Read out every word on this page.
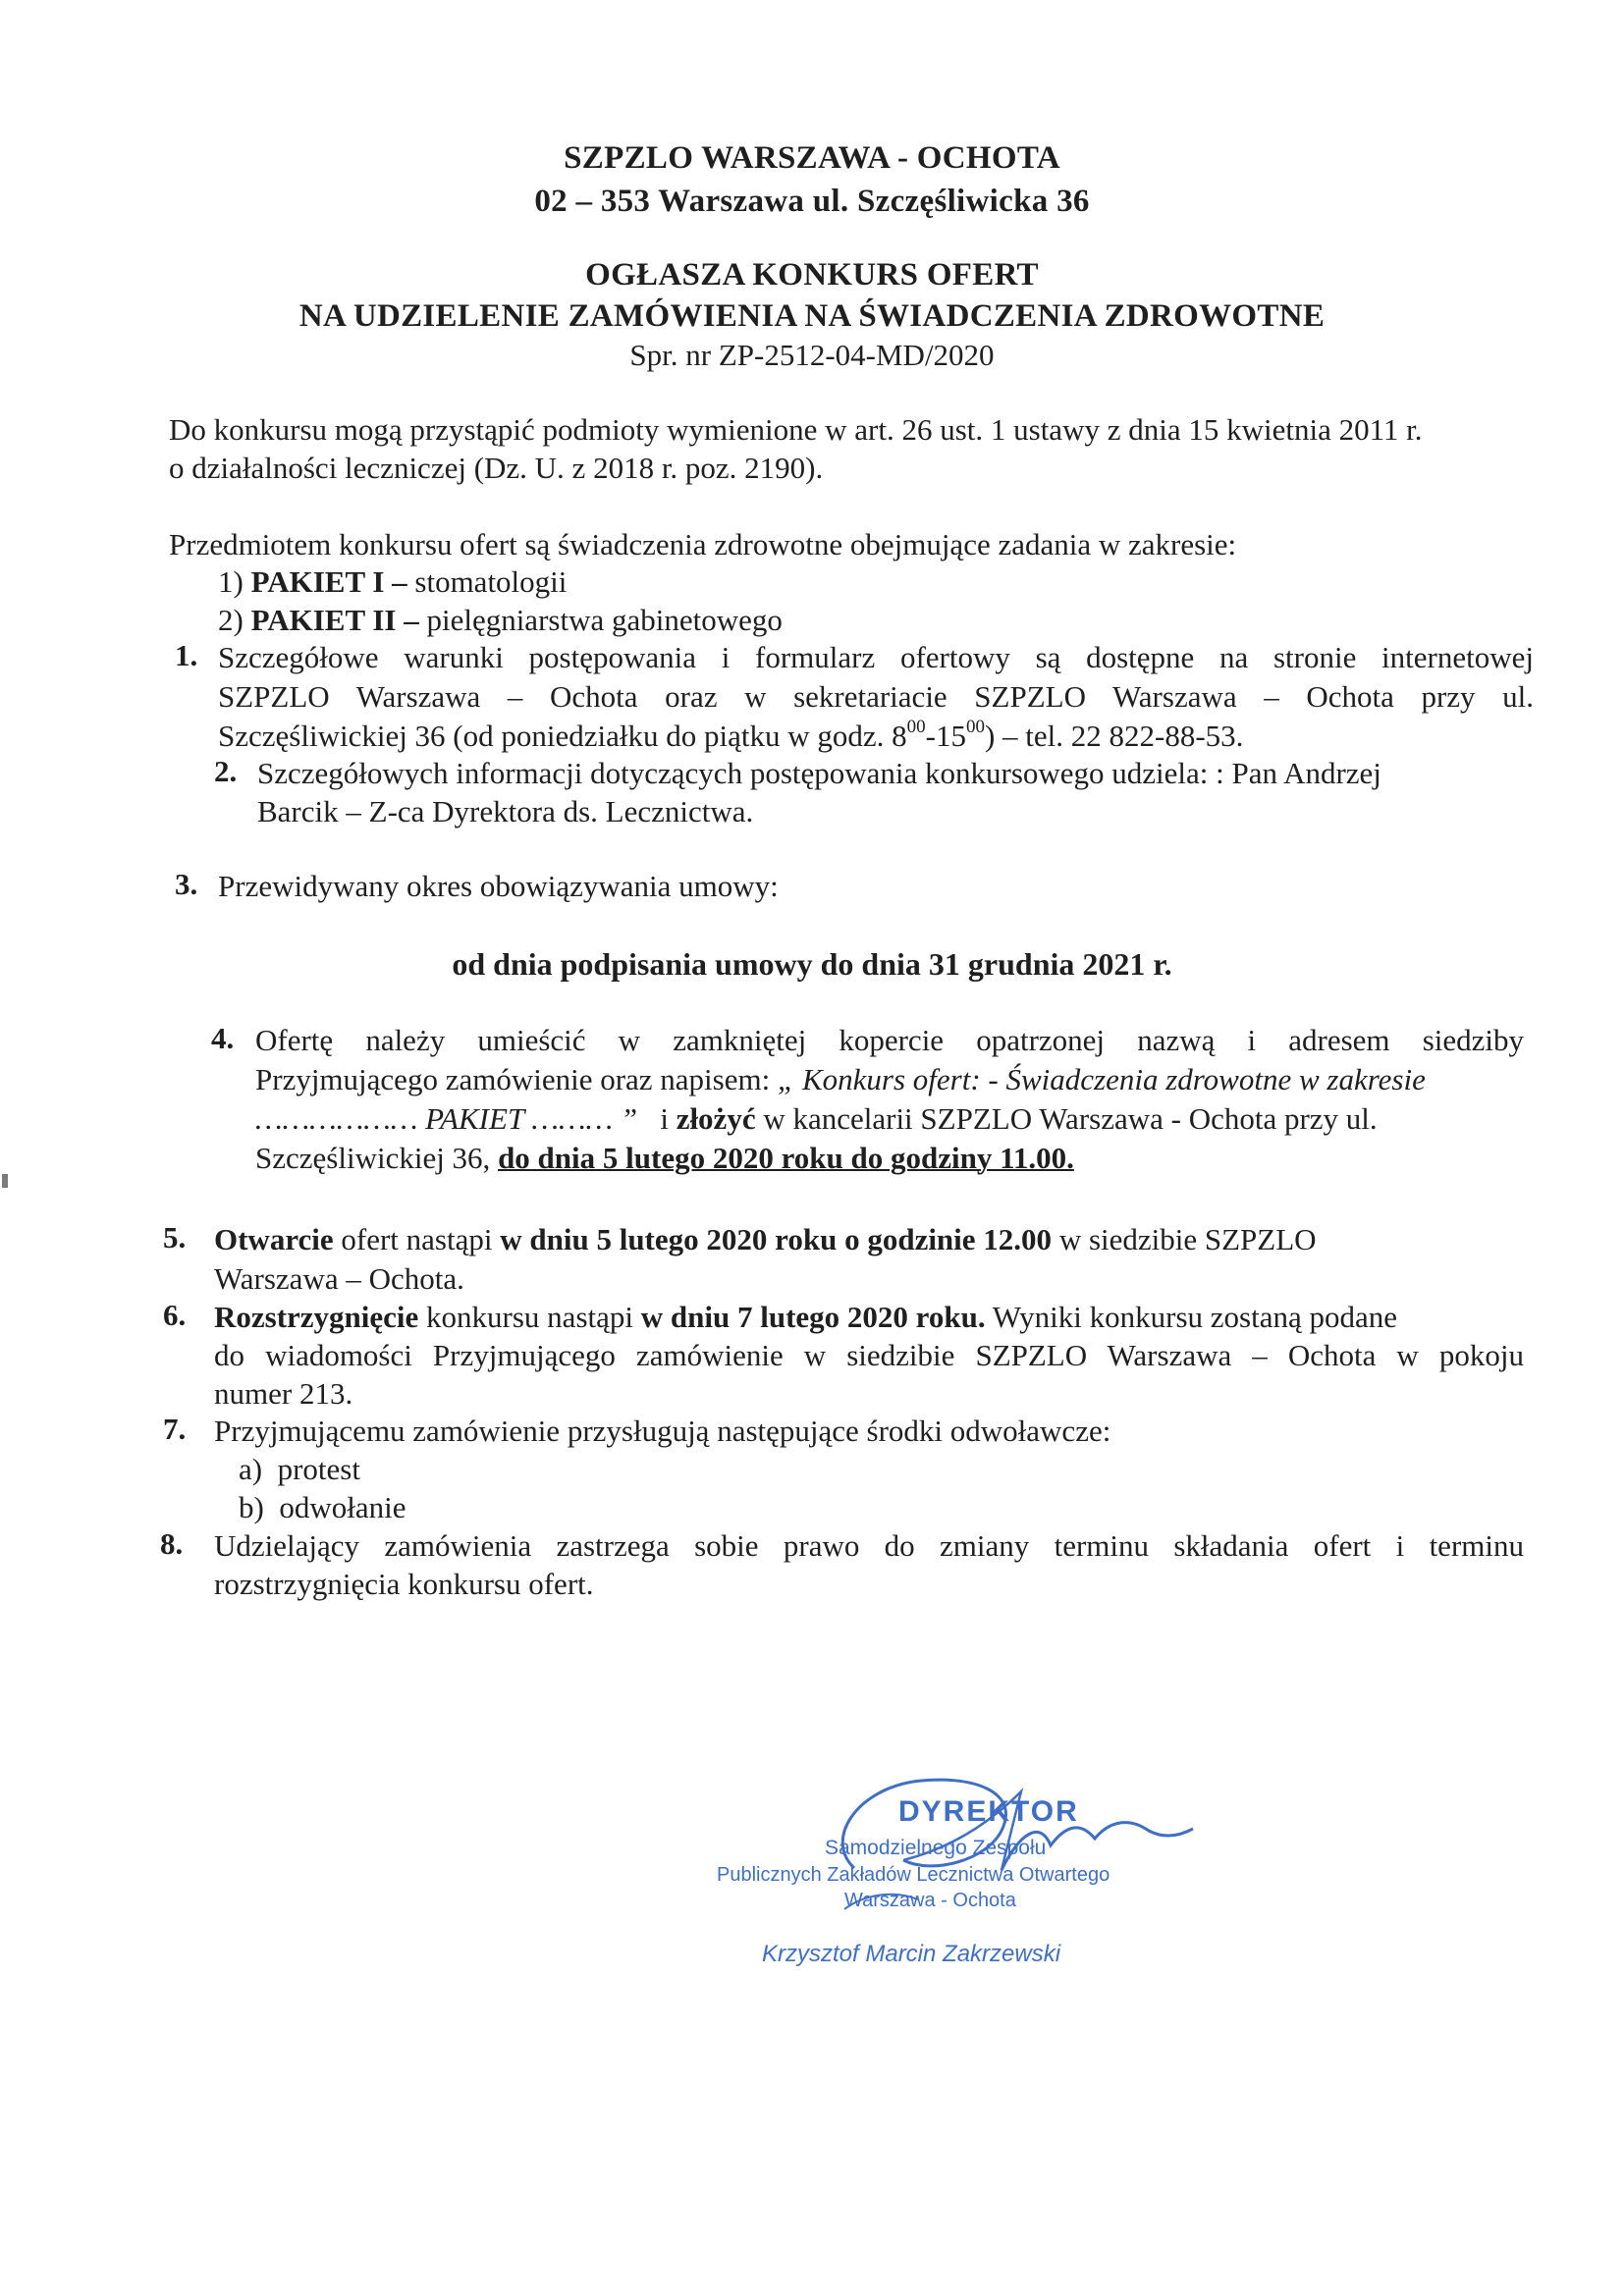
SZPZLO WARSZAWA - OCHOTA
02 – 353 Warszawa ul. Szczęśliwicka 36
OGŁASZA KONKURS OFERT
NA UDZIELENIE ZAMÓWIENIA NA ŚWIADCZENIA ZDROWOTNE
Spr. nr ZP-2512-04-MD/2020
Do konkursu mogą przystąpić podmioty wymienione w art. 26 ust. 1 ustawy z dnia 15 kwietnia 2011 r.
o działalności leczniczej (Dz. U. z 2018 r. poz. 2190).
Przedmiotem konkursu ofert są świadczenia zdrowotne obejmujące zadania w zakresie:
1) PAKIET I – stomatologii
2) PAKIET II – pielęgniarstwa gabinetowego
1. Szczegółowe warunki postępowania i formularz ofertowy są dostępne na stronie internetowej
SZPZLO Warszawa – Ochota oraz w sekretariacie SZPZLO Warszawa – Ochota przy ul.
Szczęśliwickiej 36 (od poniedziałku do piątku w godz. $8^{00}-15^{00}$) – tel. 22 822-88-53.
2. Szczegółowych informacji dotyczących postępowania konkursowego udziela: : Pan Andrzej
Barcik – Z-ca Dyrektora ds. Lecznictwa.
3. Przewidywany okres obowiązywania umowy:
od dnia podpisania umowy do dnia 31 grudnia 2021 r.
4. Ofertę należy umieścić w zamkniętej kopercie opatrzonej nazwą i adresem siedziby
Przyjmującego zamówienie oraz napisem: „ Konkurs ofert: - Świadczenia zdrowotne w zakresie
……………… PAKIET ……… ” i złożyć w kancelarii SZPZLO Warszawa - Ochota przy ul.
Szczęśliwickiej 36, do dnia 5 lutego 2020 roku do godziny 11.00.
5. Otwarcie ofert nastąpi w dniu 5 lutego 2020 roku o godzinie 12.00 w siedzibie SZPZLO
Warszawa – Ochota.
6. Rozstrzygnięcie konkursu nastąpi w dniu 7 lutego 2020 roku. Wyniki konkursu zostaną podane
do wiadomości Przyjmującego zamówienie w siedzibie SZPZLO Warszawa – Ochota w pokoju
numer 213.
7. Przyjmującemu zamówienie przysługują następujące środki odwoławcze:
a) protest
b) odwołanie
8. Udzielający zamówienia zastrzega sobie prawo do zmiany terminu składania ofert i terminu
rozstrzygnięcia konkursu ofert.
DYREKTOR
Samodzielnego Zespołu
Publicznych Zakładów Lecznictwa Otwartego
Warszawa - Ochota
Krzysztof Marcin Zakrzewski
